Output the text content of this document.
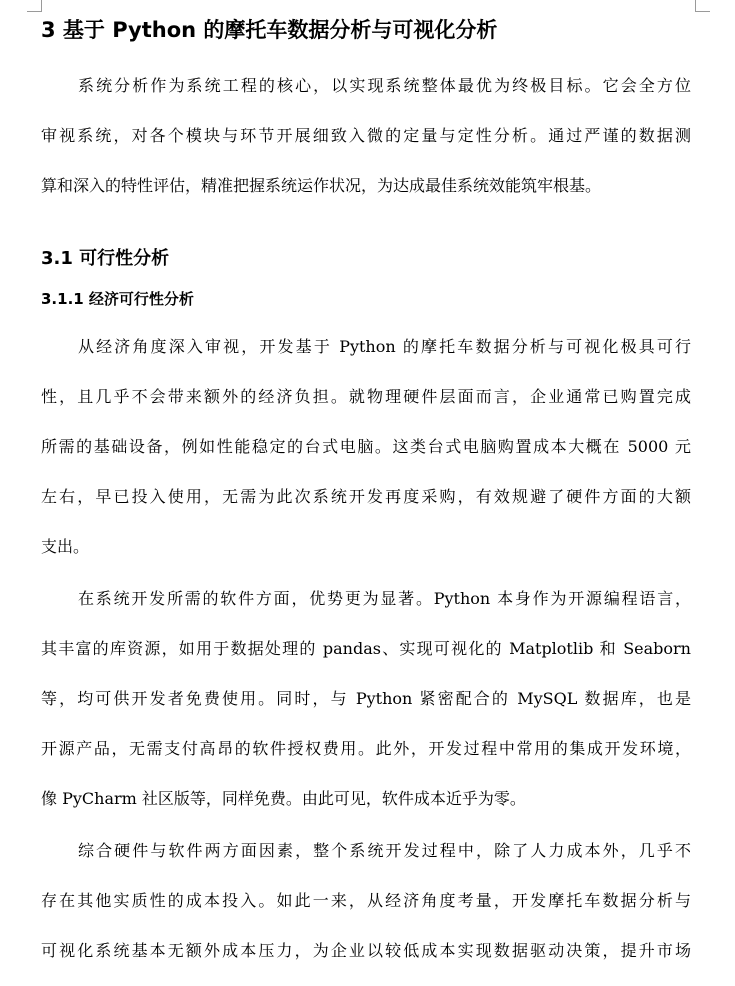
3 基于 Python 的摩托车数据分析与可视化分析
系统分析作为系统工程的核心，以实现系统整体最优为终极目标。它会全方位
审视系统，对各个模块与环节开展细致入微的定量与定性分析。通过严谨的数据测
算和深入的特性评估，精准把握系统运作状况，为达成最佳系统效能筑牢根基。
3.1 可行性分析
3.1.1 经济可行性分析
从经济角度深入审视，开发基于 Python 的摩托车数据分析与可视化极具可行
性，且几乎不会带来额外的经济负担。就物理硬件层面而言，企业通常已购置完成
所需的基础设备，例如性能稳定的台式电脑。这类台式电脑购置成本大概在 5000 元
左右，早已投入使用，无需为此次系统开发再度采购，有效规避了硬件方面的大额
支出。
在系统开发所需的软件方面，优势更为显著。Python 本身作为开源编程语言，
其丰富的库资源，如用于数据处理的 pandas、实现可视化的 Matplotlib 和 Seaborn
等，均可供开发者免费使用。同时，与 Python 紧密配合的 MySQL 数据库，也是
开源产品，无需支付高昂的软件授权费用。此外，开发过程中常用的集成开发环境，
像 PyCharm 社区版等，同样免费。由此可见，软件成本近乎为零。
综合硬件与软件两方面因素，整个系统开发过程中，除了人力成本外，几乎不
存在其他实质性的成本投入。如此一来，从经济角度考量，开发摩托车数据分析与
可视化系统基本无额外成本压力，为企业以较低成本实现数据驱动决策，提升市场
